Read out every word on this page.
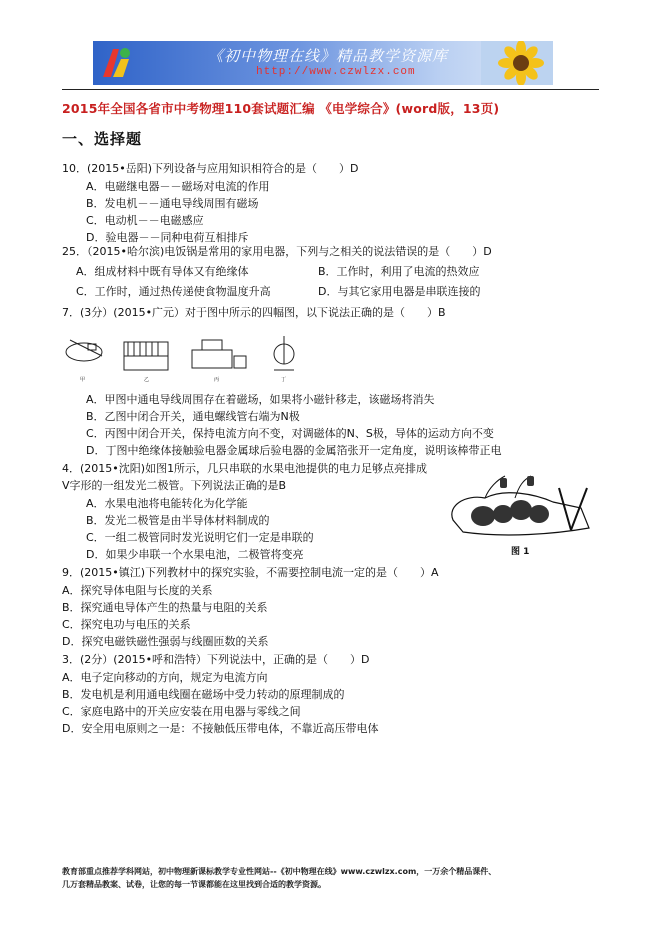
《初中物理在线》精品教学资源库
http://www.czwlzx.com
2015年全国各省市中考物理110套试题汇编 《电学综合》(word版，13页)
一、选择题
10．(2015•岳阳)下列设备与应用知识相符合的是（　　）D
A．电磁继电器－－磁场对电流的作用
B．发电机－－通电导线周围有磁场
C．电动机－－电磁感应
D．验电器－－同种电荷互相排斥
25．（2015•哈尔滨)电饭锅是常用的家用电器，下列与之相关的说法错误的是（　　）D
A．组成材料中既有导体又有绝缘体	B．工作时，利用了电流的热效应
C．工作时，通过热传递使食物温度升高	D．与其它家用电器是串联连接的
7．(3分）(2015•广元）对于图中所示的四幅图，以下说法正确的是（　　）B
甲	乙	丙	丁
A．甲图中通电导线周围存在着磁场，如果将小磁针移走，该磁场将消失
B．乙图中闭合开关，通电螺线管右端为N极
C．丙图中闭合开关，保持电流方向不变，对调磁体的N、S极，导体的运动方向不变
D．丁图中绝缘体接触验电器金属球后验电器的金属箔张开一定角度，说明该棒带正电
4．(2015•沈阳)如图1所示，几只串联的水果电池提供的电力足够点亮排成
V字形的一组发光二极管。下列说法正确的是B
A．水果电池将电能转化为化学能
B．发光二极管是由半导体材料制成的
C．一组二极管同时发光说明它们一定是串联的
D．如果少串联一个水果电池，二极管将变亮	图 1
9．(2015•镇江)下列教材中的探究实验，不需要控制电流一定的是（　　）A
A．探究导体电阻与长度的关系
B．探究通电导体产生的热量与电阻的关系
C．探究电功与电压的关系
D．探究电磁铁磁性强弱与线圈匝数的关系
3．(2分）(2015•呼和浩特）下列说法中，正确的是（　　）D
A．电子定向移动的方向，规定为电流方向
B．发电机是利用通电线圈在磁场中受力转动的原理制成的
C．家庭电路中的开关应安装在用电器与零线之间
D．安全用电原则之一是：不接触低压带电体，不靠近高压带电体
教育部重点推荐学科网站，初中物理新课标教学专业性网站--《初中物理在线》www.czwlzx.com，一万余个精品课件、
几万套精品教案、试卷，让您的每一节课都能在这里找到合适的教学资源。
